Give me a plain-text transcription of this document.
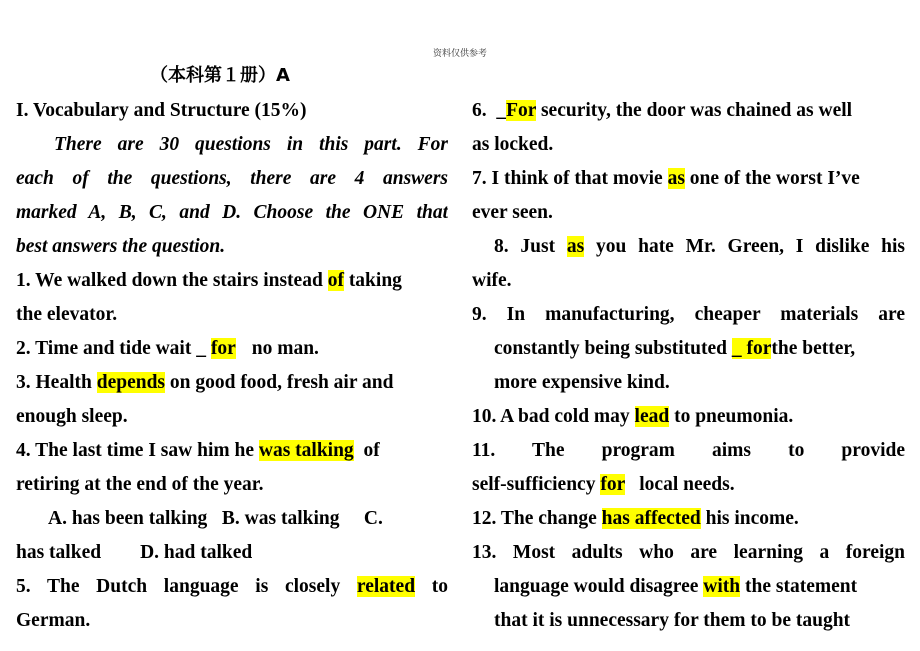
资料仅供参考
（本科第１册）A
I. Vocabulary and Structure (15%)
There are 30 questions in this part. For
each of the questions, there are 4 answers
marked A, B, C, and D. Choose the ONE that
best answers the question.
1. We walked down the stairs instead of taking
the elevator.
2. Time and tide wait _ for no man.
3. Health depends on good food, fresh air and
enough sleep.
4. The last time I saw him he was talking  of
retiring at the end of the year.
A. has been talking   B. was talking     C.
has talked        D. had talked
5. The Dutch language is closely related to
German.
6.  _For security, the door was chained as well
as locked.
7. I think of that movie as one of the worst I’ve
ever seen.
8. Just as you hate Mr. Green, I dislike his
wife.
9. In manufacturing, cheaper materials are
constantly being substituted _ forthe better,
more expensive kind.
10. A bad cold may lead to pneumonia.
11. The program aims to provide
self-sufficiency for local needs.
12. The change has affected his income.
13. Most adults who are learning a foreign
language would disagree with the statement
that it is unnecessary for them to be taught
